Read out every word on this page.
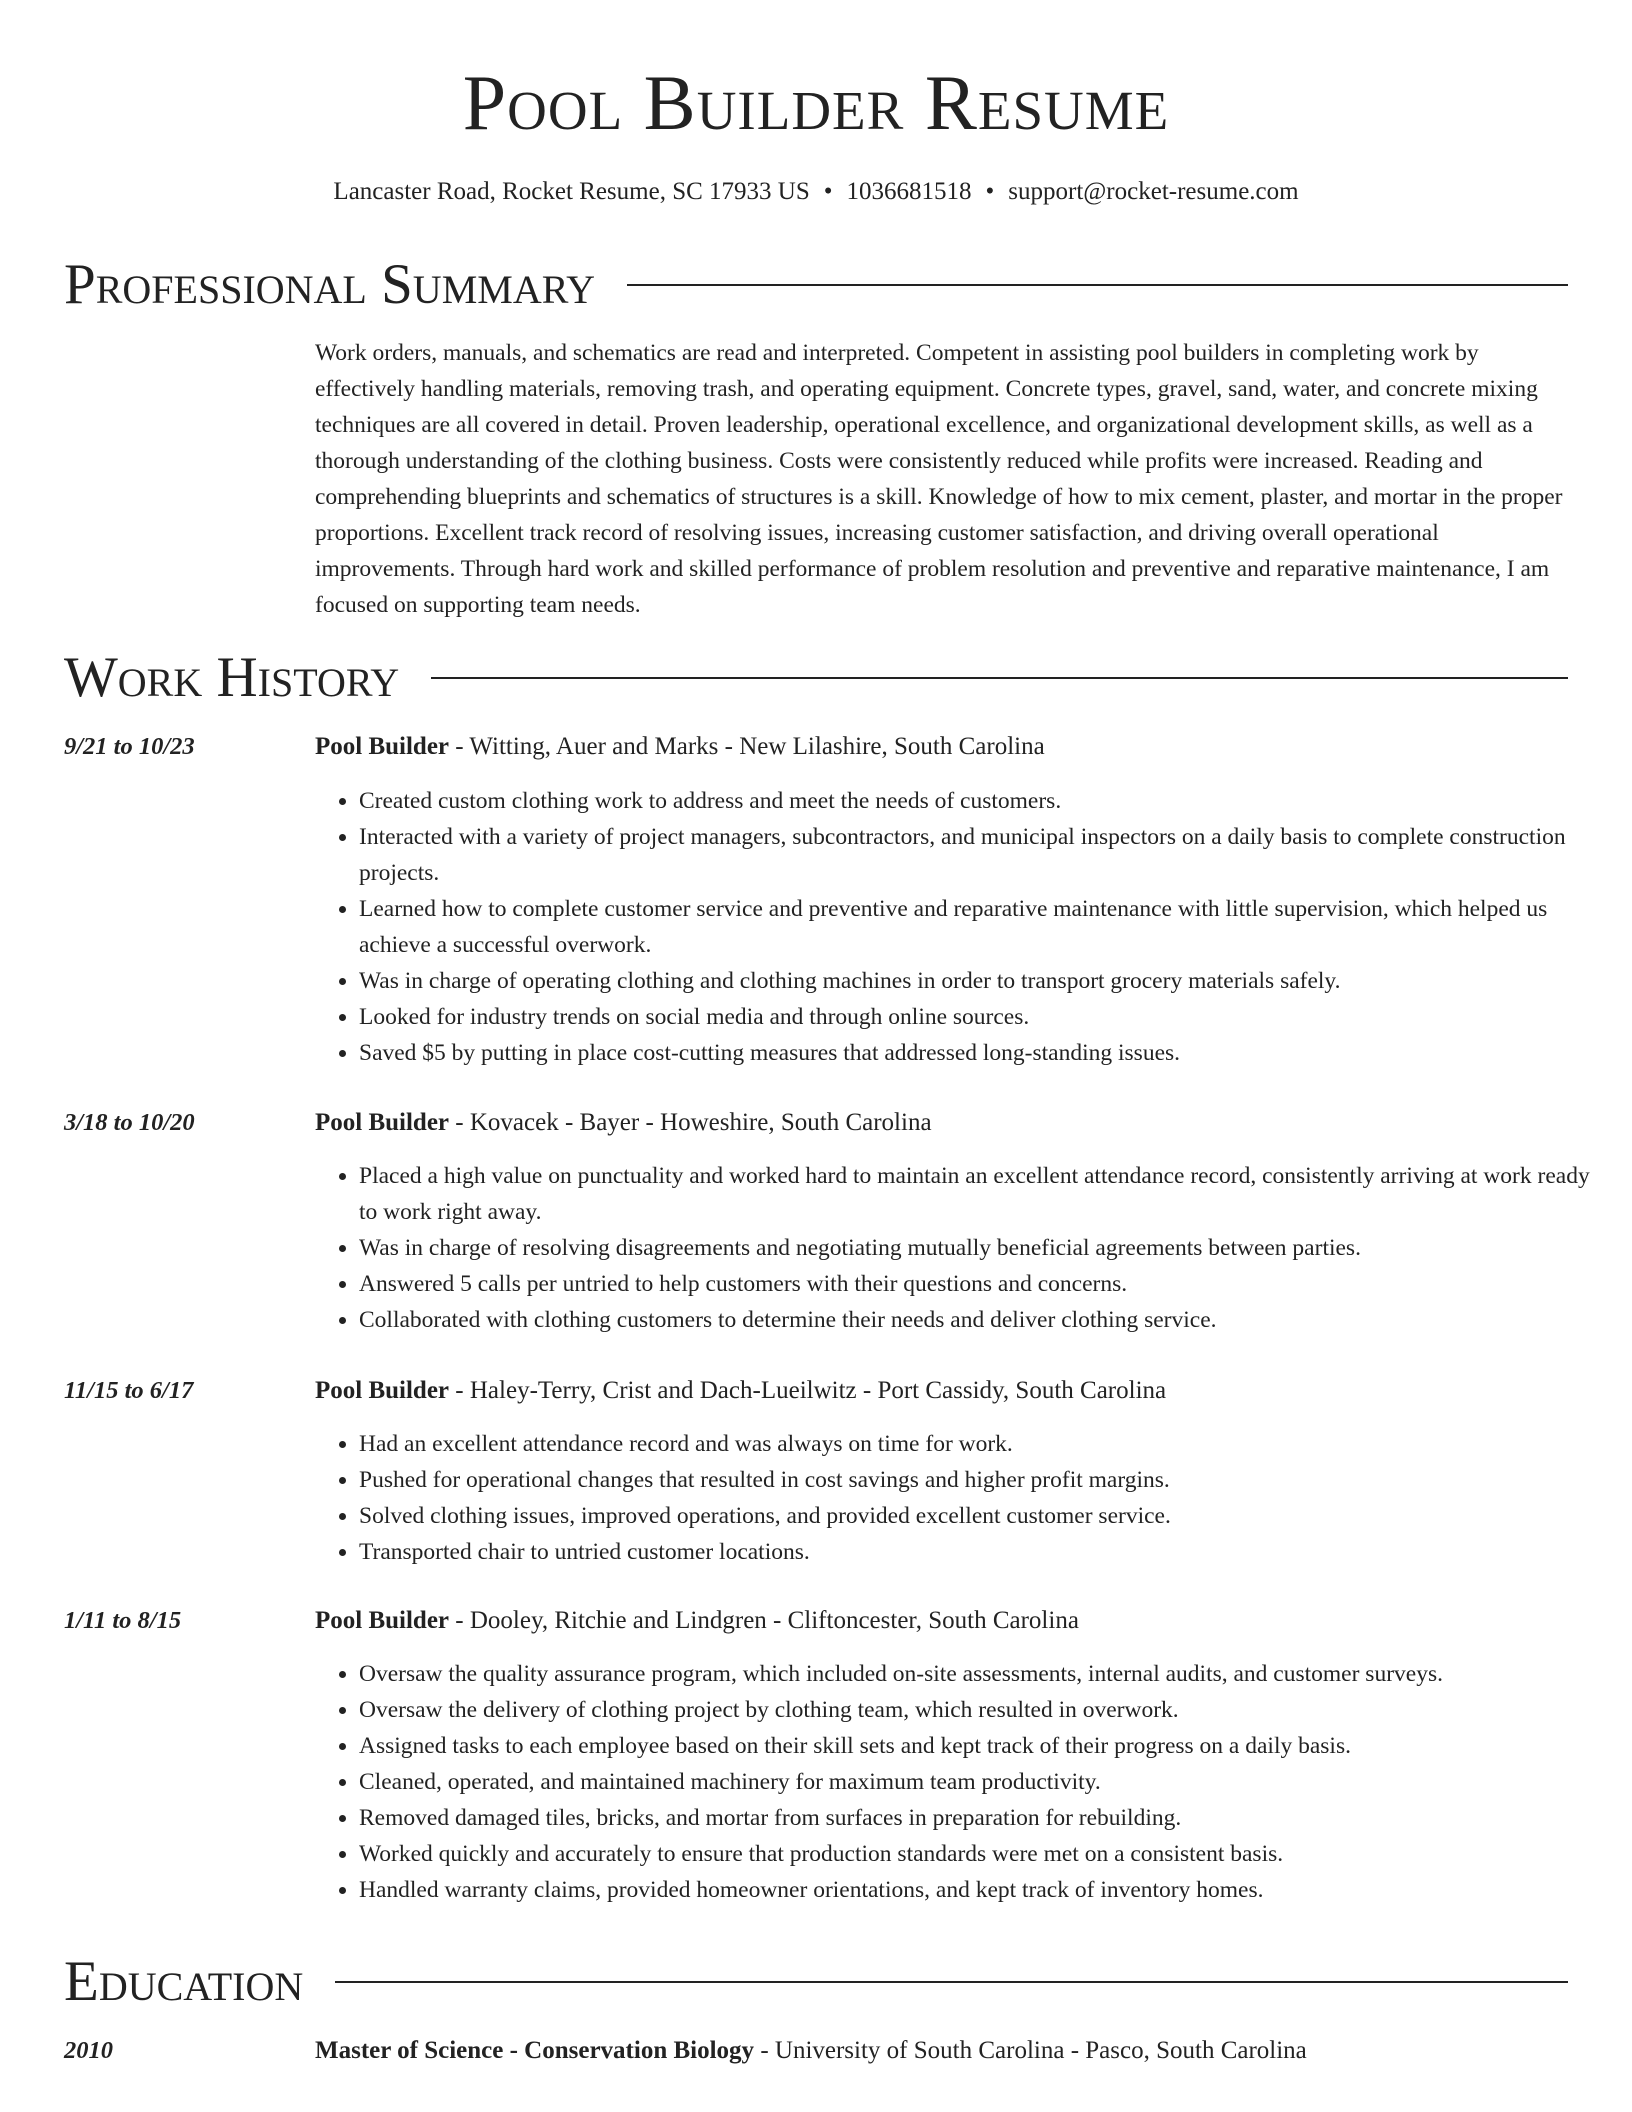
Pool Builder Resume
Lancaster Road, Rocket Resume, SC 17933 US • 1036681518 • support@rocket-resume.com
Professional Summary

Work orders, manuals, and schematics are read and interpreted. Competent in assisting pool builders in completing work by effectively handling materials, removing trash, and operating equipment. Concrete types, gravel, sand, water, and concrete mixing techniques are all covered in detail. Proven leadership, operational excellence, and organizational development skills, as well as a thorough understanding of the clothing business. Costs were consistently reduced while profits were increased. Reading and comprehending blueprints and schematics of structures is a skill. Knowledge of how to mix cement, plaster, and mortar in the proper proportions. Excellent track record of resolving issues, increasing customer satisfaction, and driving overall operational improvements. Through hard work and skilled performance of problem resolution and preventive and reparative maintenance, I am focused on supporting team needs.

Work History
9/21 to 10/23	Pool Builder - Witting, Auer and Marks - New Lilashire, South Carolina
• Created custom clothing work to address and meet the needs of customers.
• Interacted with a variety of project managers, subcontractors, and municipal inspectors on a daily basis to complete construction projects.
• Learned how to complete customer service and preventive and reparative maintenance with little supervision, which helped us achieve a successful overwork.
• Was in charge of operating clothing and clothing machines in order to transport grocery materials safely.
• Looked for industry trends on social media and through online sources.
• Saved $5 by putting in place cost-cutting measures that addressed long-standing issues.
3/18 to 10/20	Pool Builder - Kovacek - Bayer - Howeshire, South Carolina
• Placed a high value on punctuality and worked hard to maintain an excellent attendance record, consistently arriving at work ready to work right away.
• Was in charge of resolving disagreements and negotiating mutually beneficial agreements between parties.
• Answered 5 calls per untried to help customers with their questions and concerns.
• Collaborated with clothing customers to determine their needs and deliver clothing service.
11/15 to 6/17	Pool Builder - Haley-Terry, Crist and Dach-Lueilwitz - Port Cassidy, South Carolina
• Had an excellent attendance record and was always on time for work.
• Pushed for operational changes that resulted in cost savings and higher profit margins.
• Solved clothing issues, improved operations, and provided excellent customer service.
• Transported chair to untried customer locations.
1/11 to 8/15	Pool Builder - Dooley, Ritchie and Lindgren - Cliftoncester, South Carolina
• Oversaw the quality assurance program, which included on-site assessments, internal audits, and customer surveys.
• Oversaw the delivery of clothing project by clothing team, which resulted in overwork.
• Assigned tasks to each employee based on their skill sets and kept track of their progress on a daily basis.
• Cleaned, operated, and maintained machinery for maximum team productivity.
• Removed damaged tiles, bricks, and mortar from surfaces in preparation for rebuilding.
• Worked quickly and accurately to ensure that production standards were met on a consistent basis.
• Handled warranty claims, provided homeowner orientations, and kept track of inventory homes.
Education
2010	Master of Science - Conservation Biology - University of South Carolina - Pasco, South Carolina
